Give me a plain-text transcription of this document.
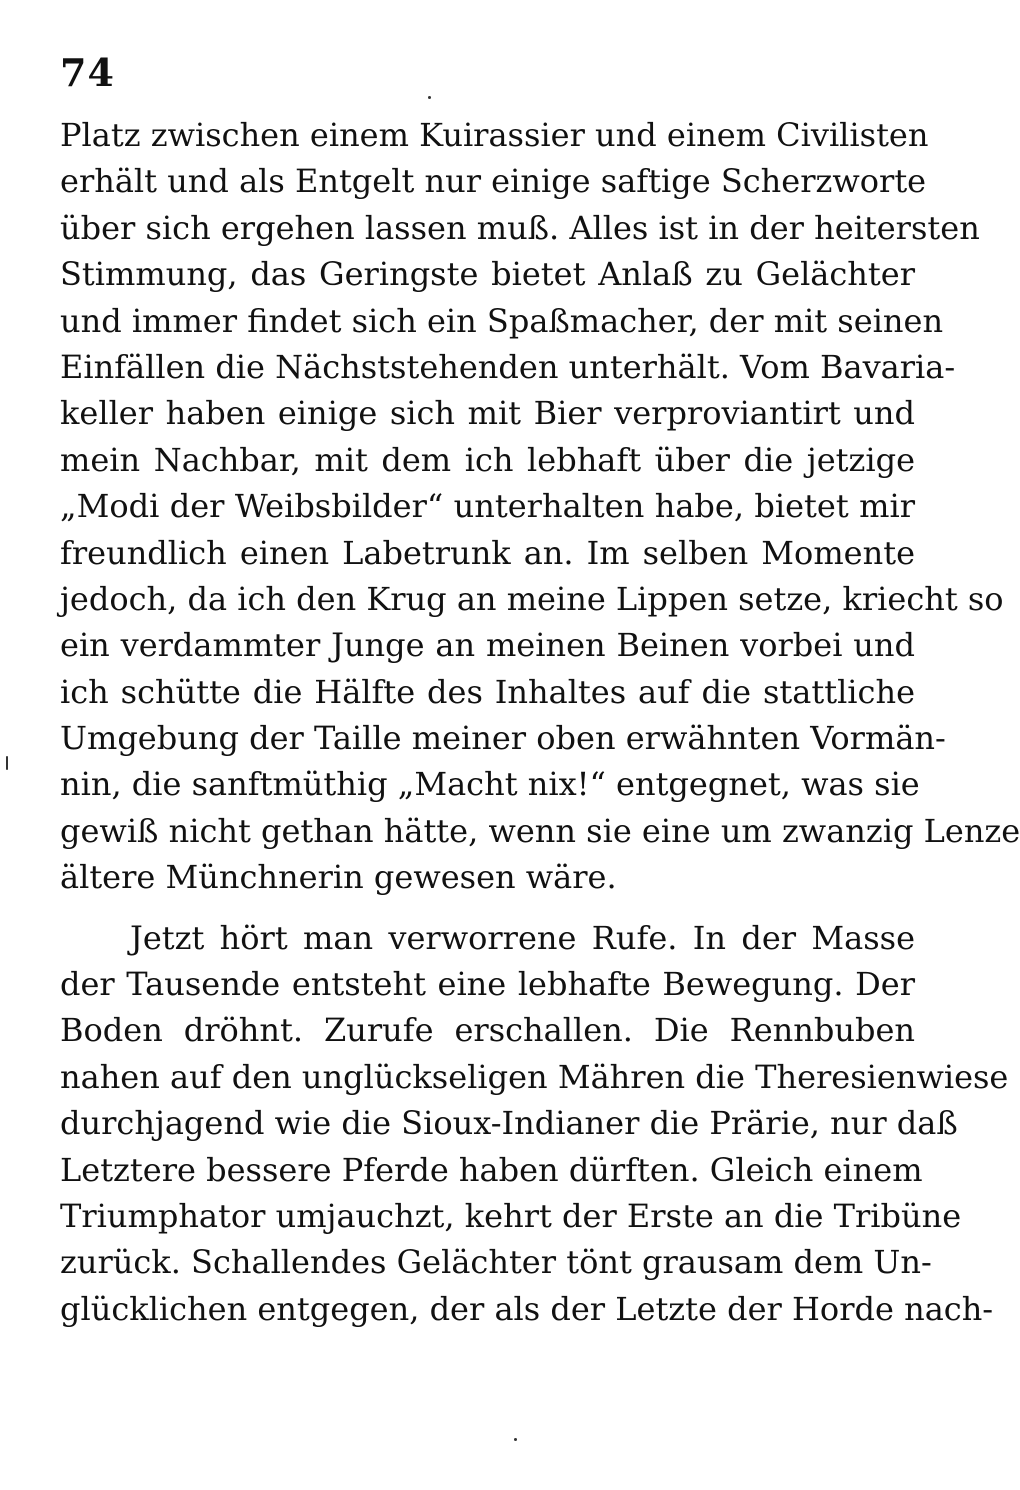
74
Platz zwischen einem Kuirassier und einem Civilisten
erhält und als Entgelt nur einige saftige Scherzworte
über sich ergehen lassen muß. Alles ist in der heitersten
Stimmung, das Geringste bietet Anlaß zu Gelächter
und immer findet sich ein Spaßmacher, der mit seinen
Einfällen die Nächststehenden unterhält. Vom Bavaria-
keller haben einige sich mit Bier verproviantirt und
mein Nachbar, mit dem ich lebhaft über die jetzige
„Modi der Weibsbilder“ unterhalten habe, bietet mir
freundlich einen Labetrunk an. Im selben Momente
jedoch, da ich den Krug an meine Lippen setze, kriecht so
ein verdammter Junge an meinen Beinen vorbei und
ich schütte die Hälfte des Inhaltes auf die stattliche
Umgebung der Taille meiner oben erwähnten Vormän-
nin, die sanftmüthig „Macht nix!“ entgegnet, was sie
gewiß nicht gethan hätte, wenn sie eine um zwanzig Lenze
ältere Münchnerin gewesen wäre.
Jetzt hört man verworrene Rufe. In der Masse
der Tausende entsteht eine lebhafte Bewegung. Der
Boden dröhnt. Zurufe erschallen. Die Rennbuben
nahen auf den unglückseligen Mähren die Theresienwiese
durchjagend wie die Sioux-Indianer die Prärie, nur daß
Letztere bessere Pferde haben dürften. Gleich einem
Triumphator umjauchzt, kehrt der Erste an die Tribüne
zurück. Schallendes Gelächter tönt grausam dem Un-
glücklichen entgegen, der als der Letzte der Horde nach-
